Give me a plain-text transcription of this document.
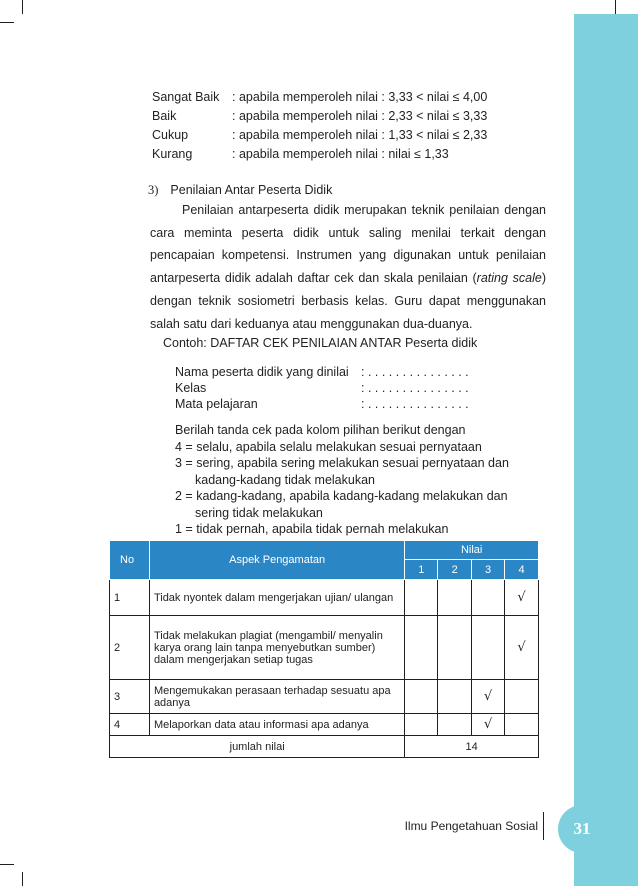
Sangat Baik : apabila memperoleh nilai : 3,33 < nilai ≤ 4,00
Baik	: apabila memperoleh nilai : 2,33 < nilai ≤ 3,33
Cukup	: apabila memperoleh nilai : 1,33 < nilai ≤ 2,33
Kurang	: apabila memperoleh nilai : nilai ≤ 1,33
3) Penilaian Antar Peserta Didik

Penilaian antarpeserta didik merupakan teknik penilaian dengan cara meminta peserta didik untuk saling menilai terkait dengan pencapaian kompetensi. Instrumen yang digunakan untuk penilaian antarpeserta didik adalah daftar cek dan skala penilaian (rating scale) dengan teknik sosiometri berbasis kelas. Guru dapat menggunakan salah satu dari keduanya atau menggunakan dua-duanya.

Contoh: DAFTAR CEK PENILAIAN ANTAR Peserta didik
Nama peserta didik yang dinilai : . . . . . . . . . . . . . . .
Kelas	: . . . . . . . . . . . . . . .
Mata pelajaran	: . . . . . . . . . . . . . . .
Berilah tanda cek pada kolom pilihan berikut dengan
4 = selalu, apabila selalu melakukan sesuai pernyataan
3 = sering, apabila sering melakukan sesuai pernyataan dan
kadang-kadang tidak melakukan
2 = kadang-kadang, apabila kadang-kadang melakukan dan
sering tidak melakukan
1 = tidak pernah, apabila tidak pernah melakukan
No	Aspek Pengamatan	Nilai			
		1	2	3	4
1	Tidak nyontek dalam mengerjakan ujian/ ulangan				√
2	Tidak melakukan plagiat (mengambil/ menyalin karya orang lain tanpa menyebutkan sumber) dalam mengerjakan setiap tugas				√
3	Mengemukakan perasaan terhadap sesuatu apa adanya			√	
4	Melaporkan data atau informasi apa adanya			√	
jumlah nilai		14			
Ilmu Pengetahuan Sosial	31
